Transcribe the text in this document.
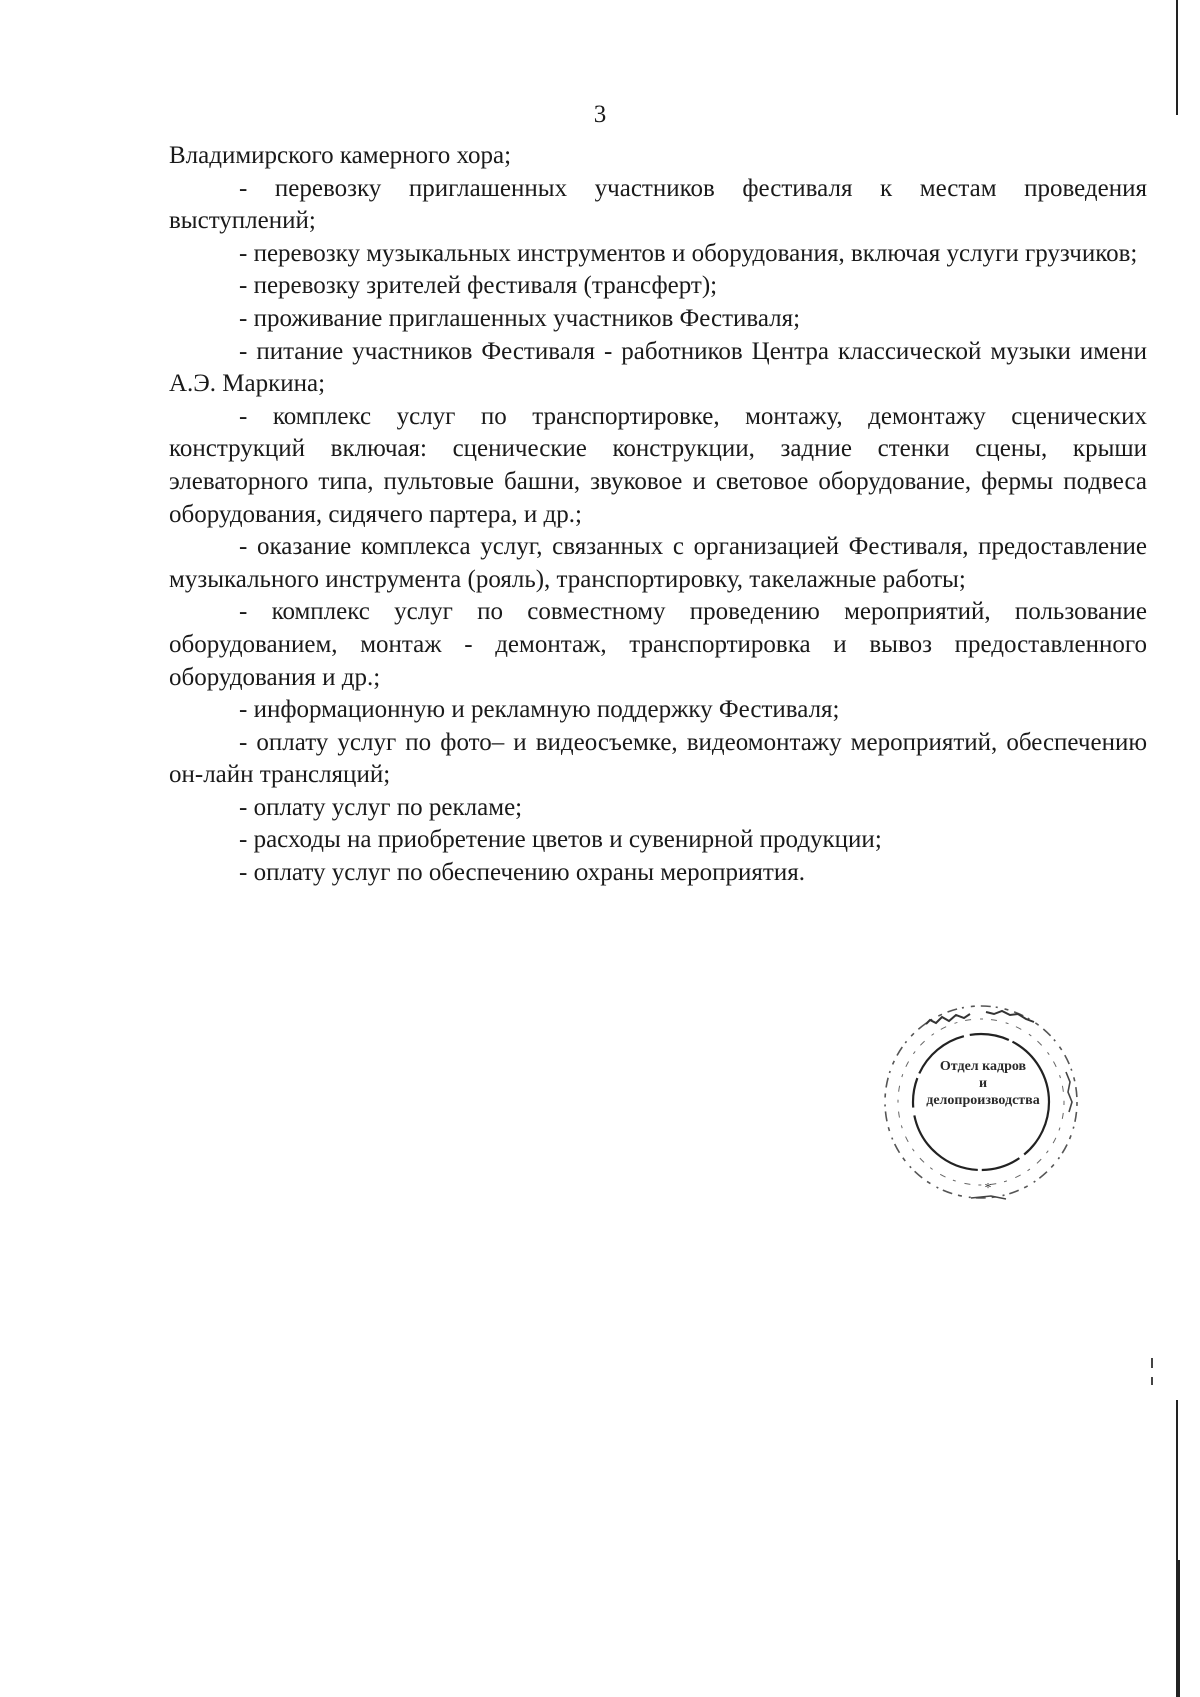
3

Владимирского камерного хора;

- перевозку приглашенных участников фестиваля к местам проведения выступлений;

- перевозку музыкальных инструментов и оборудования, включая услуги грузчиков;

- перевозку зрителей фестиваля (трансферт);

- проживание приглашенных участников Фестиваля;

- питание участников Фестиваля - работников Центра классической музыки имени А.Э. Маркина;

- комплекс услуг по транспортировке, монтажу, демонтажу сценических конструкций включая: сценические конструкции, задние стенки сцены, крыши элеваторного типа, пультовые башни, звуковое и световое оборудование, фермы подвеса оборудования, сидячего партера, и др.;

- оказание комплекса услуг, связанных с организацией Фестиваля, предоставление музыкального инструмента (рояль), транспортировку, такелажные работы;

- комплекс услуг по совместному проведению мероприятий, пользование оборудованием, монтаж - демонтаж, транспортировка и вывоз предоставленного оборудования и др.;

- информационную и рекламную поддержку Фестиваля;

- оплату услуг по фото– и видеосъемке, видеомонтажу мероприятий, обеспечению он-лайн трансляций;

- оплату услуг по рекламе;

- расходы на приобретение цветов и сувенирной продукции;

- оплату услуг по обеспечению охраны мероприятия.

*
Отдел кадров
и
делопроизводства
